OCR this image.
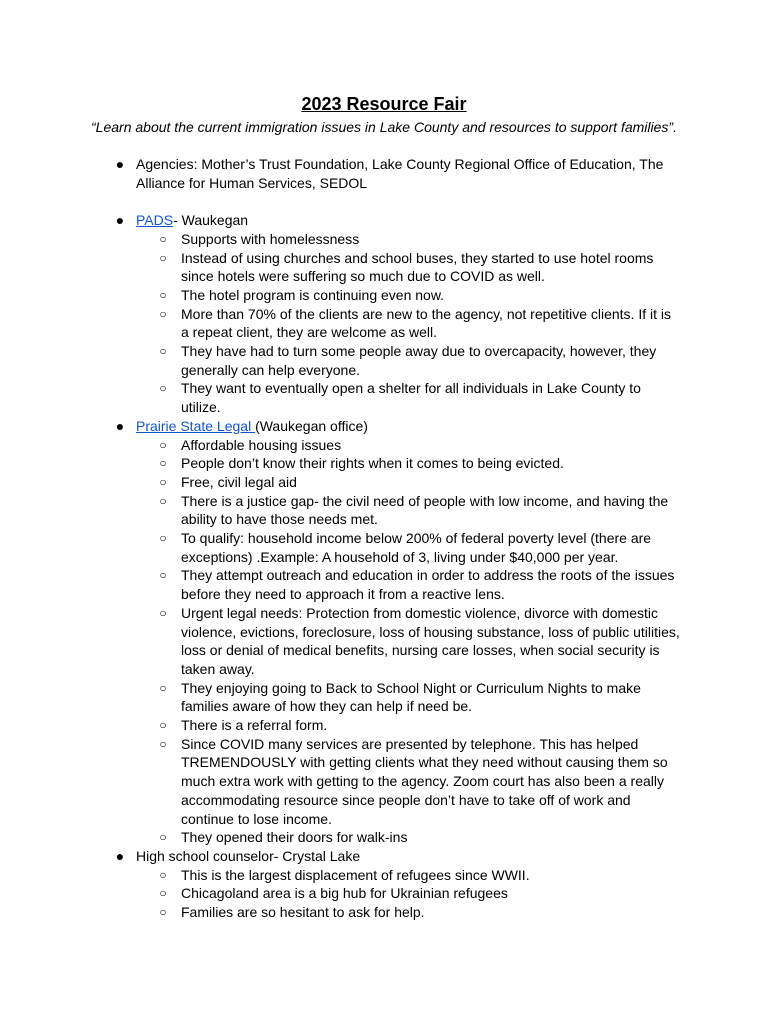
2023 Resource Fair
“Learn about the current immigration issues in Lake County and resources to support families”.
● Agencies: Mother’s Trust Foundation, Lake County Regional Office of Education, The Alliance for Human Services, SEDOL
● PADS- Waukegan
○ Supports with homelessness
○ Instead of using churches and school buses, they started to use hotel rooms since hotels were suffering so much due to COVID as well.
○ The hotel program is continuing even now.
○ More than 70% of the clients are new to the agency, not repetitive clients. If it is a repeat client, they are welcome as well.
○ They have had to turn some people away due to overcapacity, however, they generally can help everyone.
○ They want to eventually open a shelter for all individuals in Lake County to utilize.
● Prairie State Legal (Waukegan office)
○ Affordable housing issues
○ People don’t know their rights when it comes to being evicted.
○ Free, civil legal aid
○ There is a justice gap- the civil need of people with low income, and having the ability to have those needs met.
○ To qualify: household income below 200% of federal poverty level (there are exceptions) .Example: A household of 3, living under $40,000 per year.
○ They attempt outreach and education in order to address the roots of the issues before they need to approach it from a reactive lens.
○ Urgent legal needs: Protection from domestic violence, divorce with domestic violence, evictions, foreclosure, loss of housing substance, loss of public utilities, loss or denial of medical benefits, nursing care losses, when social security is taken away.
○ They enjoying going to Back to School Night or Curriculum Nights to make families aware of how they can help if need be.
○ There is a referral form.
○ Since COVID many services are presented by telephone. This has helped TREMENDOUSLY with getting clients what they need without causing them so much extra work with getting to the agency. Zoom court has also been a really accommodating resource since people don’t have to take off of work and continue to lose income.
○ They opened their doors for walk-ins
● High school counselor- Crystal Lake
○ This is the largest displacement of refugees since WWII.
○ Chicagoland area is a big hub for Ukrainian refugees
○ Families are so hesitant to ask for help.
